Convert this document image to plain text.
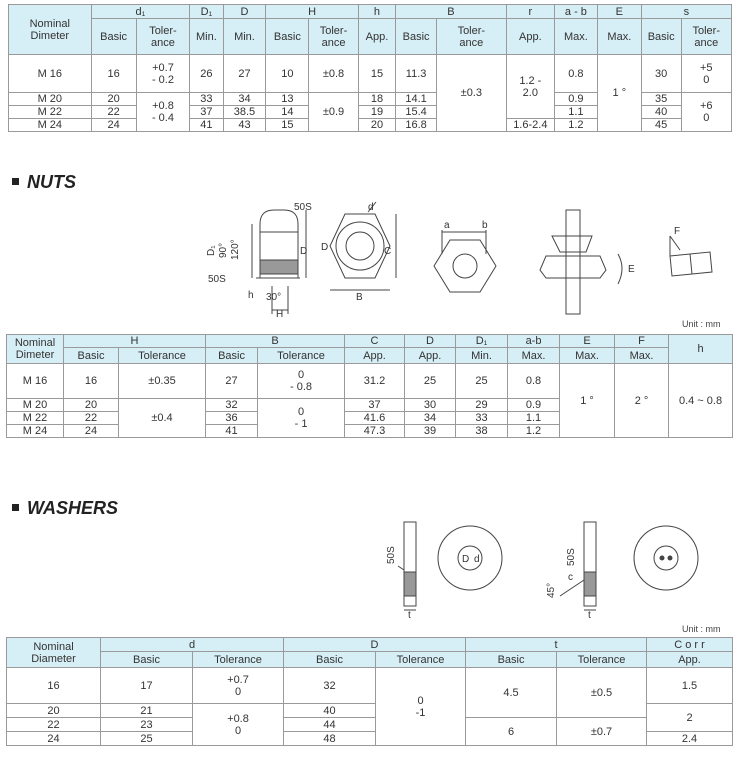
Nominal
Dimeter	d₁		D₁	D	H		h	B		r	a - b	E	s	
	Basic	Toler-
ance	Min.	Min.	Basic	Toler-
ance	App.	Basic	Toler-
ance	App.	Max.	Max.	Basic	Toler-
ance
M 16	16	+0.7
- 0.2	26	27	10	±0.8	15	11.3	±0.3	1.2 -
2.0	0.8	1 °	30	+5
0
M 20	20	+0.8
- 0.4	33	34	13	±0.9	18	14.1			0.9		35	+6
0
M 22	22		37	38.5	14		19	15.4			1.1		40	
M 24	24		41	43	15		20	16.8		1.6-2.4	1.2		45	
NUTS
50S
D₁ 90° 120°	D
50S
h 30°
H
d
C
D
B
a	b
E
F
Unit : mm
Nominal
Dimeter	H		B		C	D	D₁	a-b	E	F	h
	Basic	Tolerance	Basic	Tolerance	App.	App.	Min.	Max.	Max.	Max.	
M 16	16	±0.35	27	0
- 0.8	31.2	25	25	0.8	1 °	2 °	0.4 ~ 0.8
M 20	20	±0.4	32	0
- 1	37	30	29	0.9			
M 22	22		36		41.6	34	33	1.1			
M 24	24		41		47.3	39	38	1.2			
WASHERS
50S
t
D d	50S
c
45°
t
Unit : mm
Nominal
Diameter	d		D		t		C o r r
	Basic	Tolerance	Basic	Tolerance	Basic	Tolerance	App.
16	17	+0.7
0	32	0
-1	4.5	±0.5	1.5
20	21	+0.8
0	40				2
22	23		44		6	±0.7	
24	25		48				2.4
